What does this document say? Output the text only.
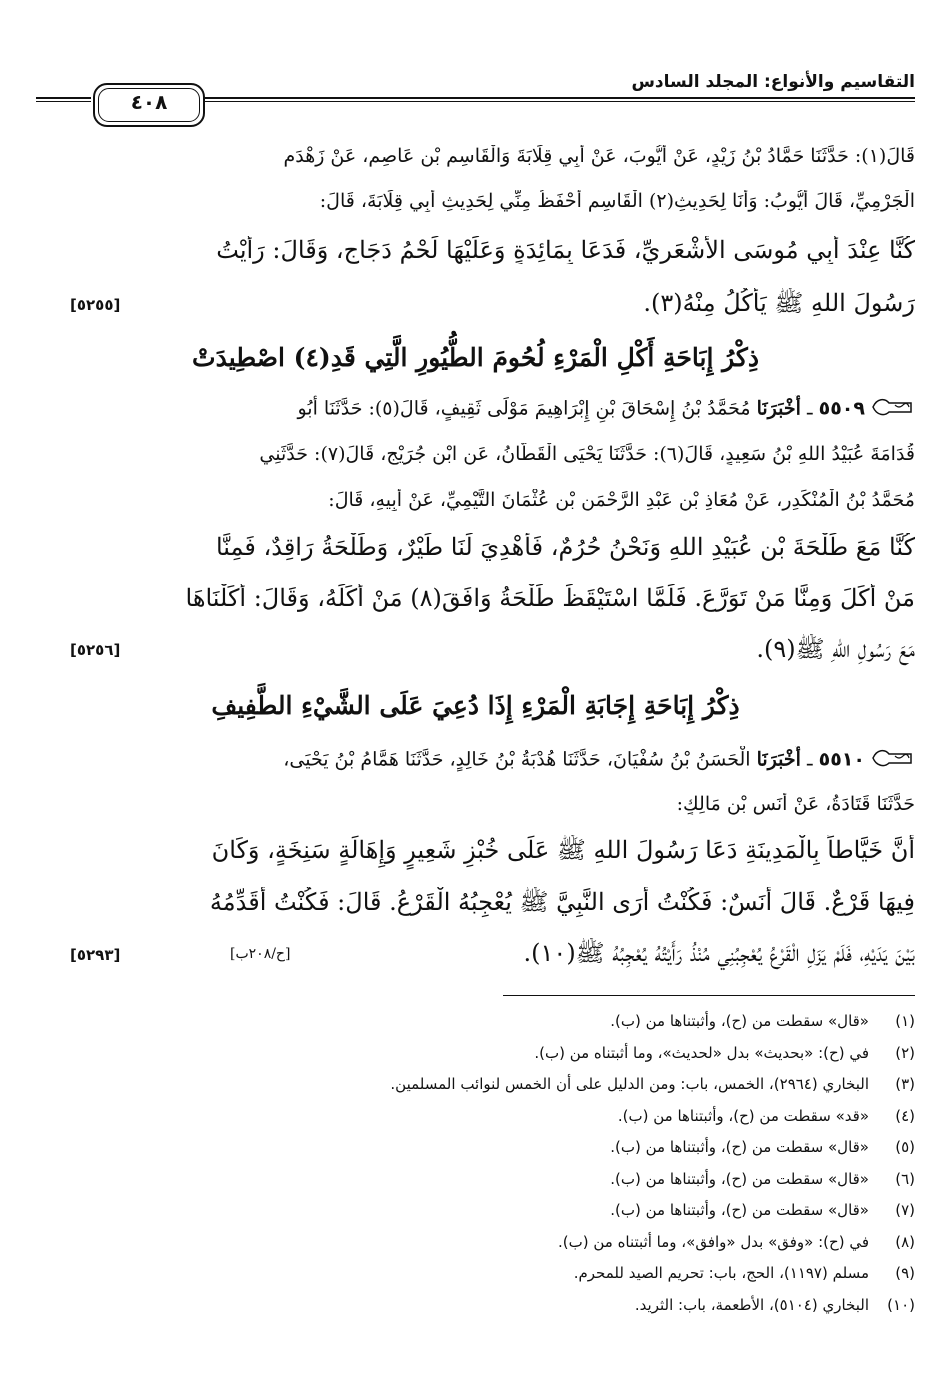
التقاسيم والأنواع: المجلد السادس
٤٠٨
قَالَ(١): حَدَّثَنَا حَمَّادُ بْنُ زَيْدٍ، عَنْ أَيُّوبَ، عَنْ أَبِي قِلَابَةَ وَالْقَاسِمِ بْنِ عَاصِمٍ، عَنْ زَهْدَمٍ
الْجَرْمِيِّ، قَالَ أَيُّوبُ: وَأَنَا لِحَدِيثِ(٢) الْقَاسِمِ أَحْفَظُ مِنِّي لِحَدِيثِ أَبِي قِلَابَةَ، قَالَ:
كُنَّا عِنْدَ أَبِي مُوسَى الأَشْعَرِيِّ، فَدَعَا بِمَائِدَةٍ وَعَلَيْهَا لَحْمُ دَجَاجٍ، وَقَالَ: رَأَيْتُ
رَسُولَ اللهِ ﷺ يَأْكُلُ مِنْهُ(٣).
[٥٢٥٥]
ذِكْرُ إِبَاحَةِ أَكْلِ الْمَرْءِ لُحُومَ الطُّيُورِ الَّتِي قَدِ(٤) اصْطِيدَتْ
٥٥٠٩ ـ أَخْبَرَنَا مُحَمَّدُ بْنُ إِسْحَاقَ بْنِ إِبْرَاهِيمَ مَوْلَى ثَقِيفٍ، قَالَ(٥): حَدَّثَنَا أَبُو
قُدَامَةَ عُبَيْدُ اللهِ بْنُ سَعِيدٍ، قَالَ(٦): حَدَّثَنَا يَحْيَى الْقَطَّانُ، عَنِ ابْنِ جُرَيْجٍ، قَالَ(٧): حَدَّثَنِي
مُحَمَّدُ بْنُ الْمُنْكَدِرِ، عَنْ مُعَاذِ بْنِ عَبْدِ الرَّحْمَنِ بْنِ عُثْمَانَ التَّيْمِيِّ، عَنْ أَبِيهِ، قَالَ:
كُنَّا مَعَ طَلْحَةَ بْنِ عُبَيْدِ اللهِ وَنَحْنُ حُرُمٌ، فَأُهْدِيَ لَنَا طَيْرٌ، وَطَلْحَةُ رَاقِدٌ، فَمِنَّا
مَنْ أَكَلَ وَمِنَّا مَنْ تَوَرَّعَ. فَلَمَّا اسْتَيْقَظَ طَلْحَةُ وَافَقَ(٨) مَنْ أَكَلَهُ، وَقَالَ: أَكَلْنَاهَا
مَعَ رَسُولِ اللهِ ﷺ(٩).
[٥٢٥٦]
ذِكْرُ إِبَاحَةِ إِجَابَةِ الْمَرْءِ إِذَا دُعِيَ عَلَى الشَّيْءِ الطَّفِيفِ
٥٥١٠ ـ أَخْبَرَنَا الْحَسَنُ بْنُ سُفْيَانَ، حَدَّثَنَا هُدْبَةُ بْنُ خَالِدٍ، حَدَّثَنَا هَمَّامُ بْنُ يَحْيَى،
حَدَّثَنَا قَتَادَةُ، عَنْ أَنَسِ بْنِ مَالِكٍ:
أَنَّ خَيَّاطاً بِالْمَدِينَةِ دَعَا رَسُولَ اللهِ ﷺ عَلَى خُبْزِ شَعِيرٍ وَإِهَالَةٍ سَنِخَةٍ، وَكَانَ
فِيهَا قَرْعٌ. قَالَ أَنَسٌ: فَكُنْتُ أَرَى النَّبِيَّ ﷺ يُعْجِبُهُ الْقَرْعُ. قَالَ: فَكُنْتُ أُقَدِّمُهُ
بَيْنَ يَدَيْهِ، فَلَمْ يَزَلِ الْقَرْعُ يُعْجِبُنِي مُنْذُ رَأَيْتُهُ يُعْجِبُهُ ﷺ(١٠).
[ح/٢٠٨ب]
[٥٢٩٣]
(١)«قال» سقطت من (ح)، وأثبتناها من (ب).
(٢)في (ح): «بحديث» بدل «لحديث»، وما أثبتناه من (ب).
(٣)البخاري (٢٩٦٤)، الخمس، باب: ومن الدليل على أن الخمس لنوائب المسلمين.
(٤)«قد» سقطت من (ح)، وأثبتناها من (ب).
(٥)«قال» سقطت من (ح)، وأثبتناها من (ب).
(٦)«قال» سقطت من (ح)، وأثبتناها من (ب).
(٧)«قال» سقطت من (ح)، وأثبتناها من (ب).
(٨)في (ح): «وفق» بدل «وافق»، وما أثبتناه من (ب).
(٩)مسلم (١١٩٧)، الحج، باب: تحريم الصيد للمحرم.
(١٠)البخاري (٥١٠٤)، الأطعمة، باب: الثريد.
